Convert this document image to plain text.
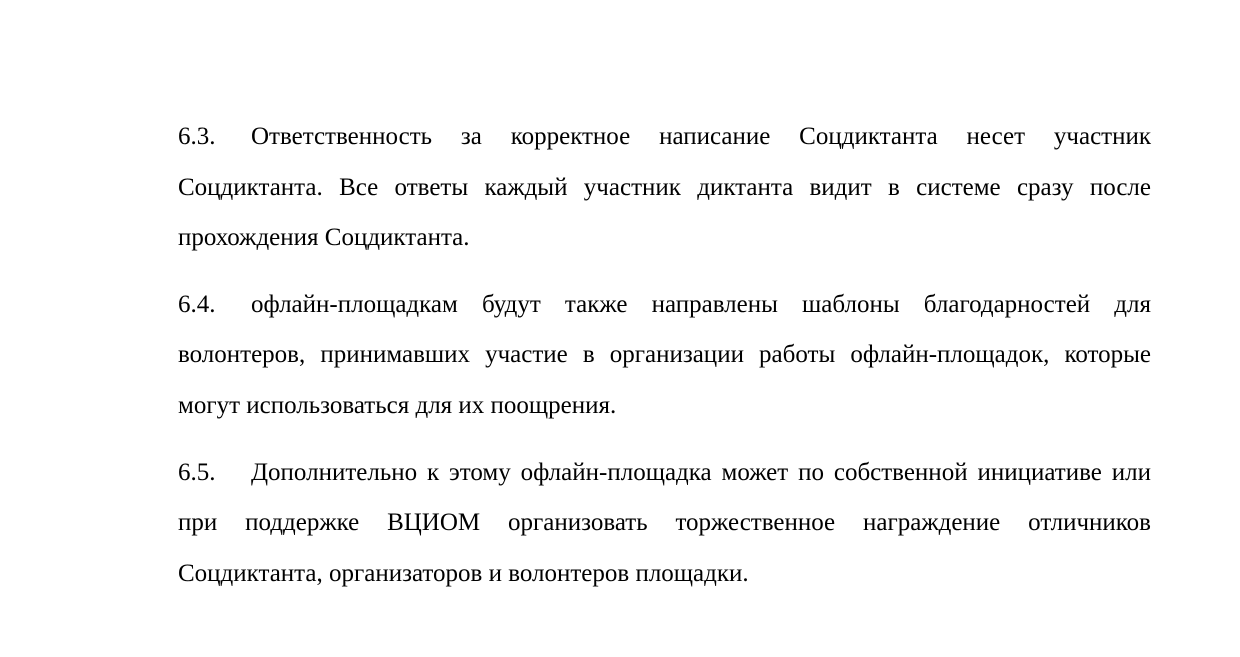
6.3. Ответственность за корректное написание Соцдиктанта несет участник Соцдиктанта. Все ответы каждый участник диктанта видит в системе сразу после прохождения Соцдиктанта.

6.4. офлайн-площадкам будут также направлены шаблоны благодарностей для волонтеров, принимавших участие в организации работы офлайн-площадок, которые могут использоваться для их поощрения.

6.5. Дополнительно к этому офлайн-площадка может по собственной инициативе или при поддержке ВЦИОМ организовать торжественное награждение отличников Соцдиктанта, организаторов и волонтеров площадки.
